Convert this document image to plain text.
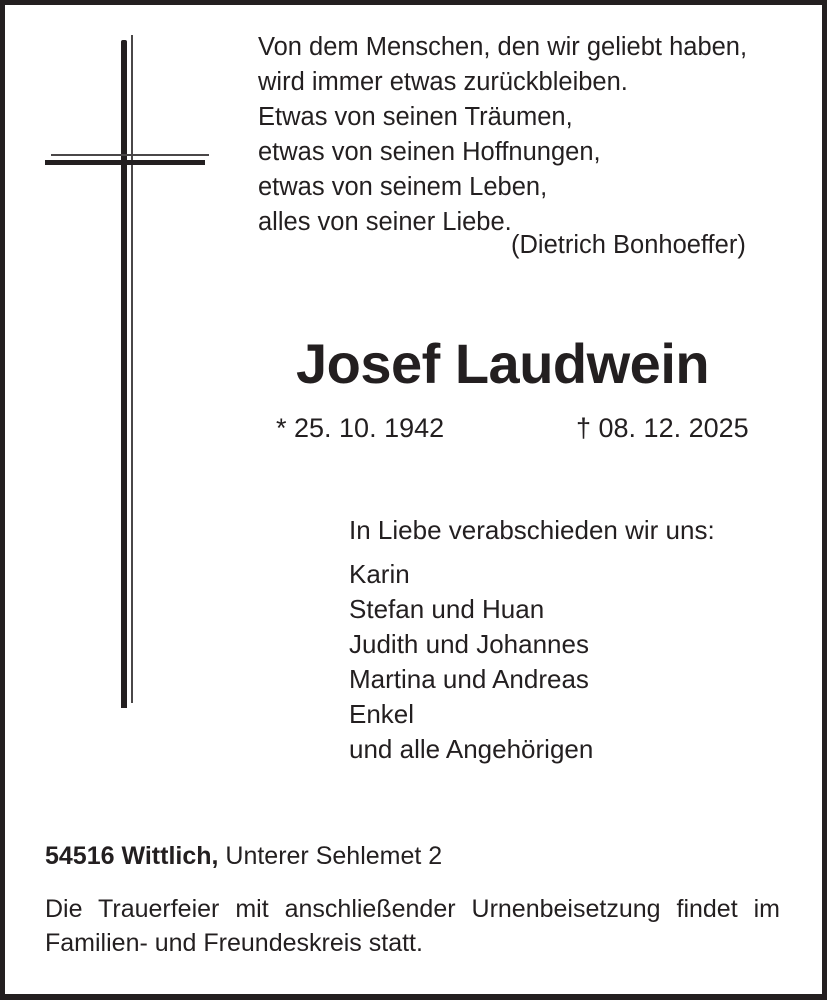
Von dem Menschen, den wir geliebt haben,
wird immer etwas zurückbleiben.
Etwas von seinen Träumen,
etwas von seinen Hoffnungen,
etwas von seinem Leben,
alles von seiner Liebe.
(Dietrich Bonhoeffer)
Josef Laudwein
* 25. 10. 1942	† 08. 12. 2025
In Liebe verabschieden wir uns:
Karin
Stefan und Huan
Judith und Johannes
Martina und Andreas
Enkel
und alle Angehörigen
54516 Wittlich, Unterer Sehlemet 2
Die Trauerfeier mit anschließender Urnenbeisetzung findet im Familien- und Freundeskreis statt.
